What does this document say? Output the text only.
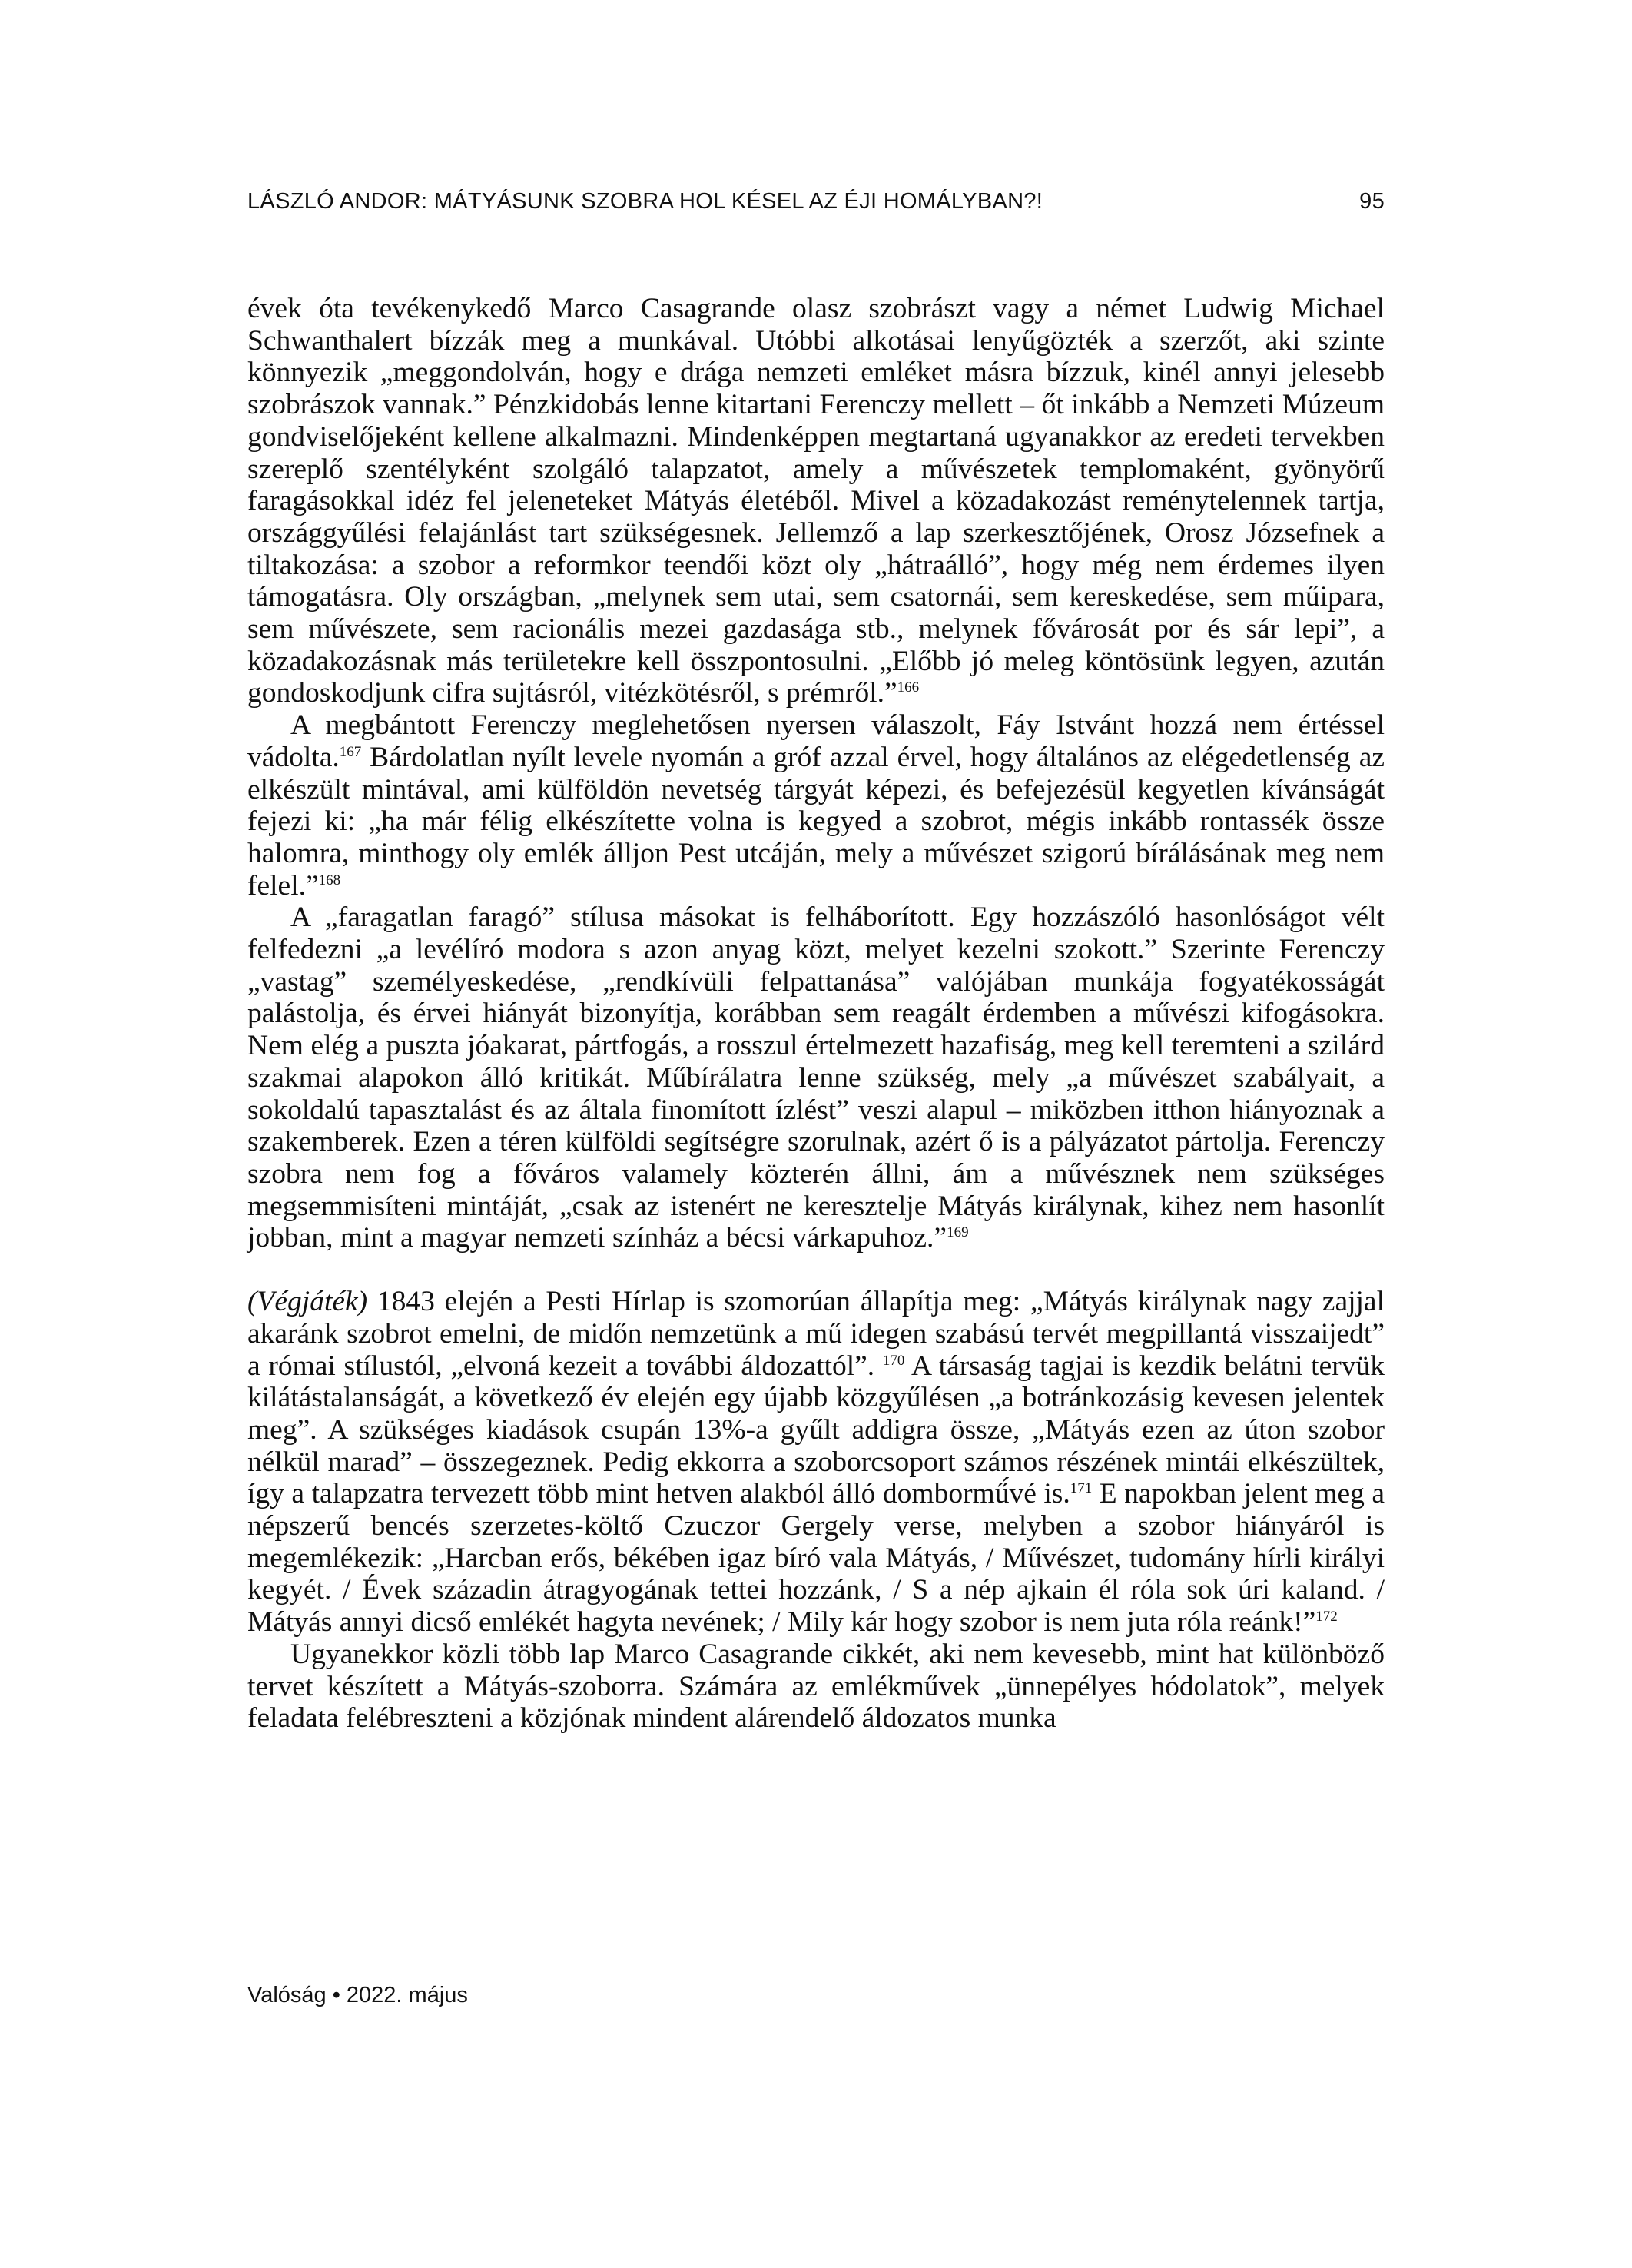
LÁSZLÓ ANDOR: MÁTYÁSUNK SZOBRA HOL KÉSEL AZ ÉJI HOMÁLYBAN?!	95

évek óta tevékenykedő Marco Casagrande olasz szobrászt vagy a német Ludwig Michael Schwanthalert bízzák meg a munkával. Utóbbi alkotásai lenyűgözték a szerzőt, aki szinte könnyezik „meggondolván, hogy e drága nemzeti emléket másra bízzuk, kinél annyi jelesebb szobrászok vannak.” Pénzkidobás lenne kitartani Ferenczy mellett – őt inkább a Nemzeti Múzeum gondviselőjeként kellene alkalmazni. Mindenképpen megtartaná ugyanakkor az eredeti tervekben szereplő szentélyként szolgáló talapzatot, amely a művészetek templomaként, gyönyörű faragásokkal idéz fel jeleneteket Mátyás életéből. Mivel a közadakozást reménytelennek tartja, országgyűlési felajánlást tart szükségesnek. Jellemző a lap szerkesztőjének, Orosz Józsefnek a tiltakozása: a szobor a reformkor teendői közt oly „hátraálló”, hogy még nem érdemes ilyen támogatásra. Oly országban, „melynek sem utai, sem csatornái, sem kereskedése, sem műipara, sem művészete, sem racionális mezei gazdasága stb., melynek fővárosát por és sár lepi”, a közadakozásnak más területekre kell összpontosulni. „Előbb jó meleg köntösünk legyen, azután gondoskodjunk cifra sujtásról, vitézkötésről, s prémről.”$^{166}$

A megbántott Ferenczy meglehetősen nyersen válaszolt, Fáy Istvánt hozzá nem értéssel vádolta.$^{167}$ Bárdolatlan nyílt levele nyomán a gróf azzal érvel, hogy általános az elégedetlenség az elkészült mintával, ami külföldön nevetség tárgyát képezi, és befejezésül kegyetlen kívánságát fejezi ki: „ha már félig elkészítette volna is kegyed a szobrot, mégis inkább rontassék össze halomra, minthogy oly emlék álljon Pest utcáján, mely a művészet szigorú bírálásának meg nem felel.”$^{168}$

A „faragatlan faragó” stílusa másokat is felháborított. Egy hozzászóló hasonlóságot vélt felfedezni „a levélíró modora s azon anyag közt, melyet kezelni szokott.” Szerinte Ferenczy „vastag” személyeskedése, „rendkívüli felpattanása” valójában munkája fogyatékosságát palástolja, és érvei hiányát bizonyítja, korábban sem reagált érdemben a művészi kifogásokra. Nem elég a puszta jóakarat, pártfogás, a rosszul értelmezett hazafiság, meg kell teremteni a szilárd szakmai alapokon álló kritikát. Műbírálatra lenne szükség, mely „a művészet szabályait, a sokoldalú tapasztalást és az általa finomított ízlést” veszi alapul – miközben itthon hiányoznak a szakemberek. Ezen a téren külföldi segítségre szorulnak, azért ő is a pályázatot pártolja. Ferenczy szobra nem fog a főváros valamely közterén állni, ám a művésznek nem szükséges megsemmisíteni mintáját, „csak az istenért ne keresztelje Mátyás királynak, kihez nem hasonlít jobban, mint a magyar nemzeti színház a bécsi várkapuhoz.”$^{169}$

(Végjáték) 1843 elején a Pesti Hírlap is szomorúan állapítja meg: „Mátyás királynak nagy zajjal akaránk szobrot emelni, de midőn nemzetünk a mű idegen szabású tervét megpillantá visszaijedt” a római stílustól, „elvoná kezeit a további áldozattól”. $^{170}$ A társaság tagjai is kezdik belátni tervük kilátástalanságát, a következő év elején egy újabb közgyűlésen „a botránkozásig kevesen jelentek meg”. A szükséges kiadások csupán 13%-a gyűlt addigra össze, „Mátyás ezen az úton szobor nélkül marad” – összegeznek. Pedig ekkorra a szoborcsoport számos részének mintái elkészültek, így a talapzatra tervezett több mint hetven alakból álló dombormű́vé is.$^{171}$ E napokban jelent meg a népszerű bencés szerzetes-költő Czuczor Gergely verse, melyben a szobor hiányáról is megemlékezik: „Harcban erős, békében igaz bíró vala Mátyás, / Művészet, tudomány hírli királyi kegyét. / Évek századin átragyogának tettei hozzánk, / S a nép ajkain él róla sok úri kaland. / Mátyás annyi dicső emlékét hagyta nevének; / Mily kár hogy szobor is nem juta róla reánk!”$^{172}$

Ugyanekkor közli több lap Marco Casagrande cikkét, aki nem kevesebb, mint hat különböző tervet készített a Mátyás-szoborra. Számára az emlékművek „ünnepélyes hódolatok”, melyek feladata felébreszteni a közjónak mindent alárendelő áldozatos munka

Valóság • 2022. május
